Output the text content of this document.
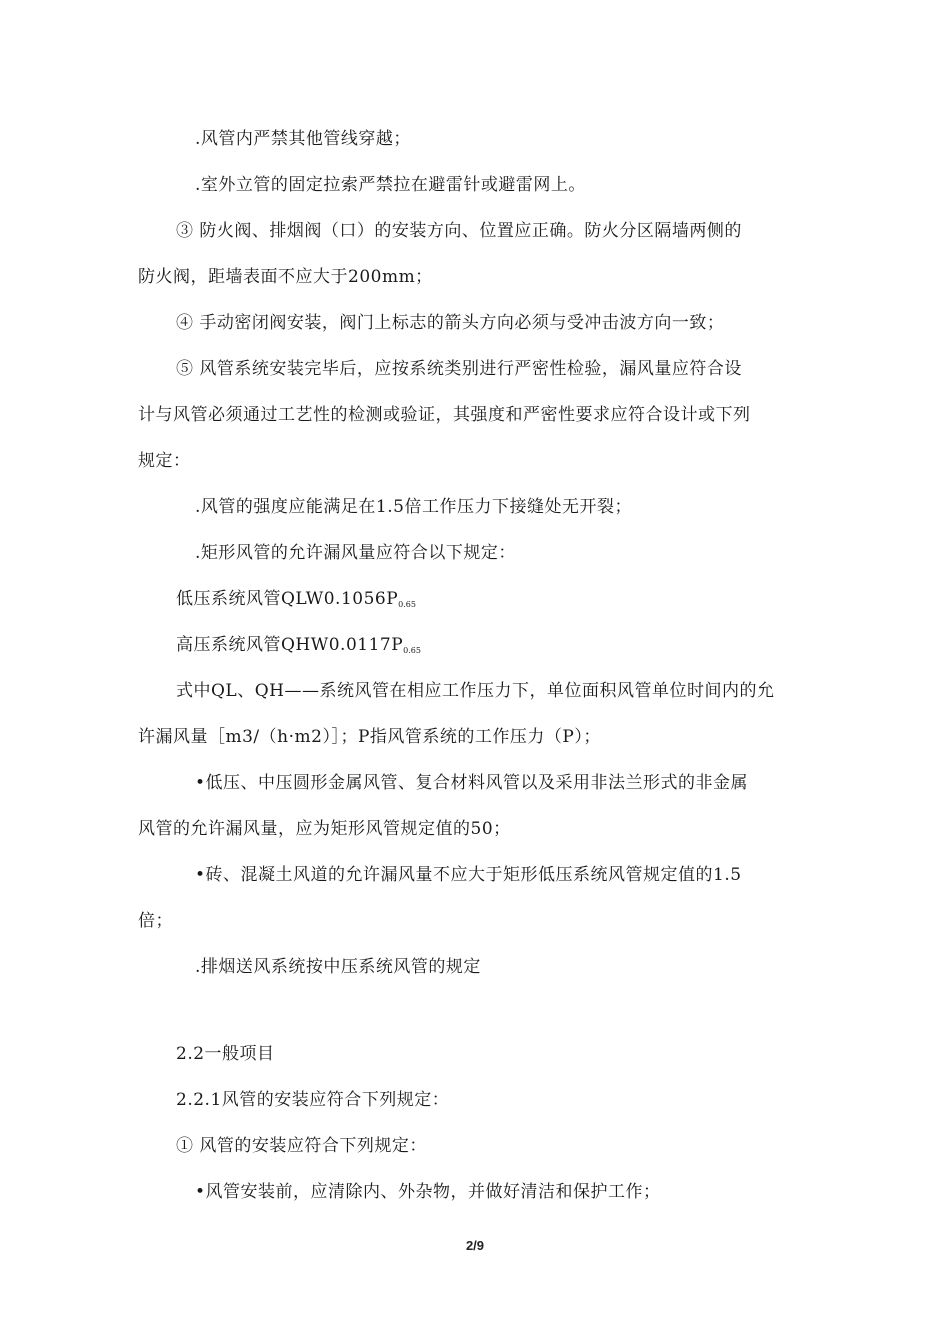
.风管内严禁其他管线穿越；
.室外立管的固定拉索严禁拉在避雷针或避雷网上。
③ 防火阀、排烟阀（口）的安装方向、位置应正确。防火分区隔墙两侧的
防火阀，距墙表面不应大于200mm；
④ 手动密闭阀安装，阀门上标志的箭头方向必须与受冲击波方向一致；
⑤ 风管系统安装完毕后，应按系统类别进行严密性检验，漏风量应符合设
计与风管必须通过工艺性的检测或验证，其强度和严密性要求应符合设计或下列
规定：
.风管的强度应能满足在1.5倍工作压力下接缝处无开裂；
.矩形风管的允许漏风量应符合以下规定：
低压系统风管$QLW0.1056P_{0.65}$
高压系统风管$QHW0.0117P_{0.65}$
式中QL、QH——系统风管在相应工作压力下，单位面积风管单位时间内的允
许漏风量［m3/（h·m2）］；P指风管系统的工作压力（P）；
•低压、中压圆形金属风管、复合材料风管以及采用非法兰形式的非金属
风管的允许漏风量，应为矩形风管规定值的50；
•砖、混凝土风道的允许漏风量不应大于矩形低压系统风管规定值的1.5
倍；
.排烟送风系统按中压系统风管的规定
2.2一般项目
2.2.1风管的安装应符合下列规定：
① 风管的安装应符合下列规定：
•风管安装前，应清除内、外杂物，并做好清洁和保护工作；
2/9
